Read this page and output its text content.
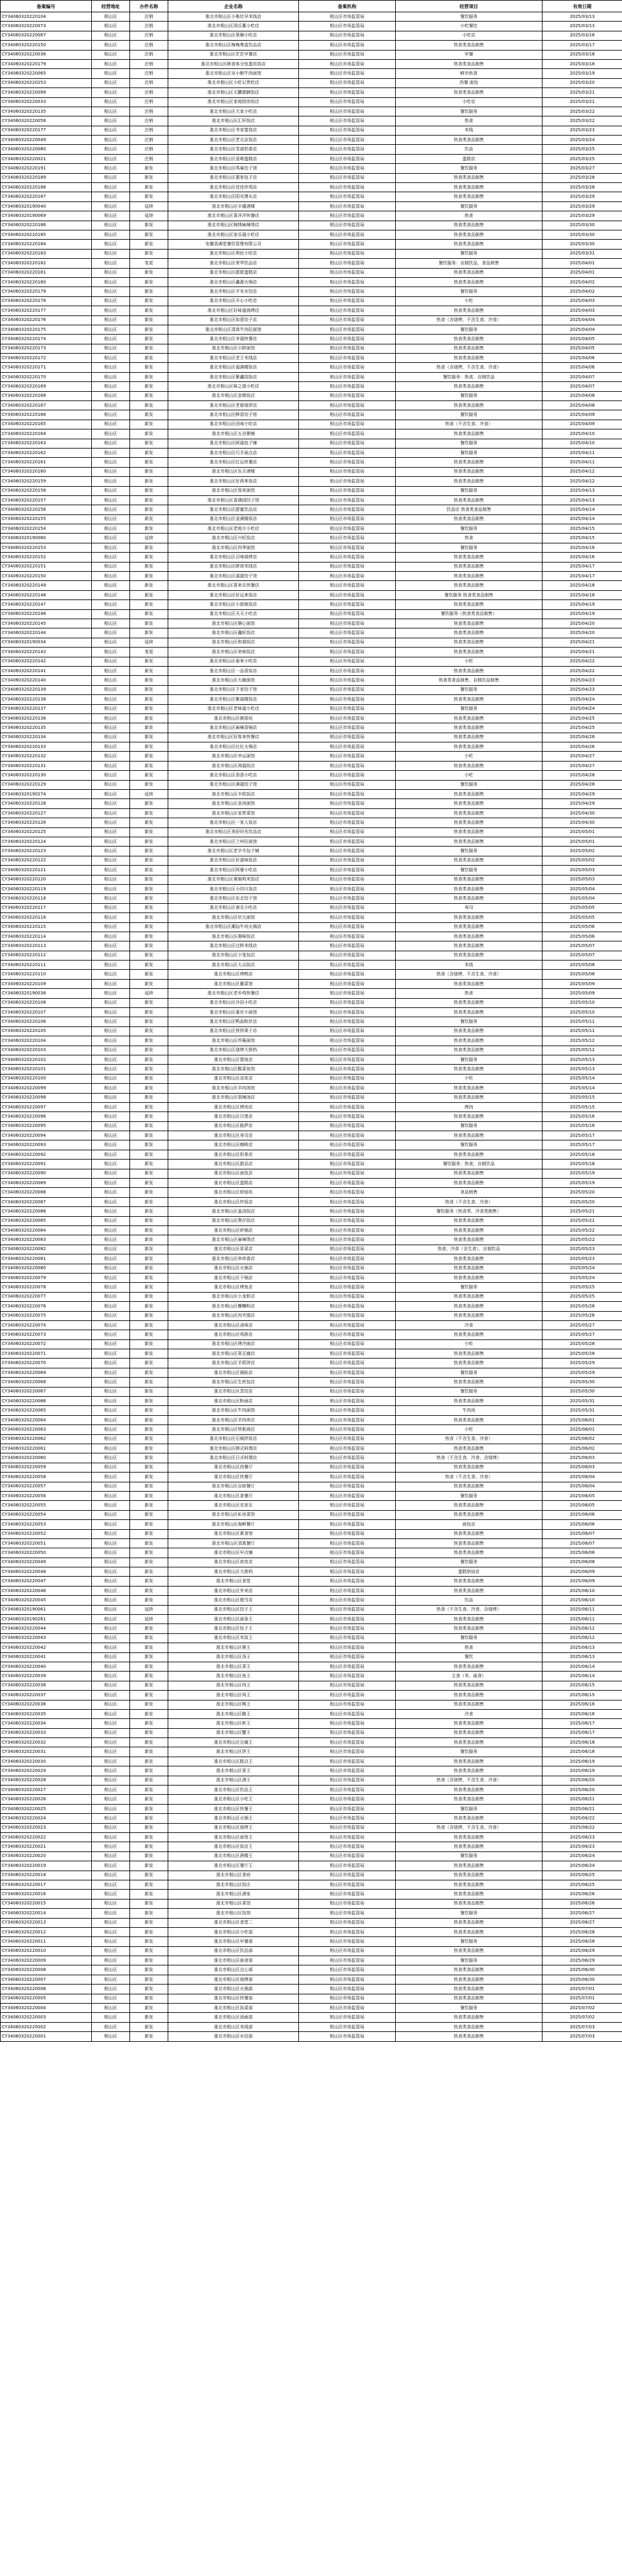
备案编号	经营地址	办件名称	企业名称	备案机构	经营项目	有效日期
CY34060320220104	相山区	注销	淮北市相山区小柴灶早米线店	相山区市场监管局	餐饮服务	2025/03/13
CY34060320220073	相山区	注销	淮北市相山区周氏薯小吃店	相山区市场监管局	小吃餐饮	2025/03/13
CY34060320220067	相山区	注销	淮北市相山区蔡舞小吃店	相山区市场监管局	小吃店	2025/03/16
CY34060320220150	相山区	注销	淮北市相山区梅梅粤盒饮品店	相山区市场监管局	热食类食品制售	2025/03/17
CY34060320220036	相山区	注销	淮北市相山区茫茫早餐店	相山区市场监管局	早餐	2025/03/18
CY34060320220179	相山区	注销	淮北市相山区韩食客分包蛋坊饭店	相山区市场监管局	热食类食品制售	2025/03/18
CY34060320220065	相山区	注销	淮北市相山区吴小顺牛肉面馆	相山区市场监管局	鲜市供食	2025/03/19
CY34060320220253	相山区	注销	淮北市相山区小吃记贵吃店	相山区市场监管局	西餐 面包	2025/03/20
CY34060320220099	相山区	注销	淮北市相山区天鹏猪蹄饭店	相山区市场监管局	热食类食品制售	2025/03/21
CY34060320220033	相山区	注销	淮北市相山区家庭厨房饭店	相山区市场监管局	小吃店	2025/03/21
CY34060320220135	相山区	注销	淮北市相山区大家小吃店	相山区市场监管局	餐饮服务	2025/03/22
CY34060320220058	相山区	注销	淮北市相山区汇轩饭店	相山区市场监管局	热食	2025/03/22
CY34060320220177	相山区	注销	淮北市相山区韦家馄饨店	相山区市场监管局	米线	2025/03/23
CY34060320220049	相山区	注销	淮北市相山区老北京饭店	相山区市场监管局	热食类食品制售	2025/03/24
CY34060320220080	相山区	注销	淮北市相山区雪诺奶茶店	相山区市场监管局	饮品	2025/03/25
CY34060320220021	相山区	注销	淮北市相山区爱萌蛋糕店	相山区市场监管局	蛋糕店	2025/03/25
CY34060320220191	相山区	新发	淮北市相山区鸣巢饺子馆	相山区市场监管局	餐饮服务	2025/03/27
CY34060320220189	相山区	新发	淮北市相山区惠客包子店	相山区市场监管局	热食类食品制售	2025/03/28
CY34060320220188	相山区	新发	淮北市相山区佳佳炸鸡店	相山区市场监管局	热食类食品制售	2025/03/28
CY34060320220187	相山区	新发	淮北市相山区阳光馒头店	相山区市场监管局	热食类食品制售	2025/03/29
CY34060320190040	相山区	延续	淮北市相山区丰盛酒楼	相山区市场监管局	餐饮服务	2025/03/29
CY34060320190069	相山区	延续	淮北市相山区喜洋洋快餐店	相山区市场监管局	热食	2025/03/29
CY34060320220186	相山区	新发	淮北市相山区锦绣麻辣烫店	相山区市场监管局	热食类食品制售	2025/03/30
CY34060320220185	相山区	新发	淮北市相山区家乐福小吃店	相山区市场监管局	热食类食品制售	2025/03/30
CY34060320220184	相山区	新发	安徽香满堂餐饮管理有限公司	相山区市场监管局	热食类食品制售	2025/03/30
CY34060320220183	相山区	新发	淮北市相山区利民小吃店	相山区市场监管局	餐饮服务	2025/03/31
CY34060320220182	相山区	变更	淮北市相山区荣华饮品店	相山区市场监管局	餐饮服务：自制饮品，食品销售	2025/04/01
CY34060320220181	相山区	新发	淮北市相山区甜甜蛋糕店	相山区市场监管局	热食类食品制售	2025/04/01
CY34060320220180	相山区	新发	淮北市相山区鑫源火锅店	相山区市场监管局	热食类食品制售	2025/04/02
CY34060320220179	相山区	新发	淮北市相山区平安水饺店	相山区市场监管局	餐饮服务	2025/04/02
CY34060320220178	相山区	新发	淮北市相山区开心小吃店	相山区市场监管局	小吃	2025/04/03
CY34060320220177	相山区	新发	淮北市相山区好味道烧烤店	相山区市场监管局	热食类食品制售	2025/04/03
CY34060320220176	相山区	新发	淮北市相山区如意饺子店	相山区市场监管局	热食（含烧烤，不含生食、冷食）	2025/04/04
CY34060320220175	相山区	新发	淮北市相山区清真牛肉拉面馆	相山区市场监管局	餐饮服务	2025/04/04
CY34060320220174	相山区	新发	淮北市相山区幸福快餐店	相山区市场监管局	热食类食品制售	2025/04/05
CY34060320220173	相山区	新发	淮北市相山区小胖面馆	相山区市场监管局	热食类食品制售	2025/04/05
CY34060320220172	相山区	新发	淮北市相山区老王米线店	相山区市场监管局	热食类食品制售	2025/04/06
CY34060320220171	相山区	新发	淮北市相山区福满楼饭店	相山区市场监管局	热食（含烧烤，不含生食、冷食）	2025/04/06
CY34060320220170	相山区	新发	淮北市相山区聚鑫园饭店	相山区市场监管局	餐饮服务：热食，自制饮品	2025/04/07
CY34060320220169	相山区	新发	淮北市相山区味之源小吃店	相山区市场监管局	热食类食品制售	2025/04/07
CY34060320220168	相山区	新发	淮北市相山区金鼎饭店	相山区市场监管局	餐饮服务	2025/04/08
CY34060320220167	相山区	新发	淮北市相山区老街烧饼店	相山区市场监管局	热食类食品制售	2025/04/08
CY34060320220166	相山区	新发	淮北市相山区鲜香饺子馆	相山区市场监管局	餐饮服务	2025/04/09
CY34060320220165	相山区	新发	淮北市相山区回味小吃店	相山区市场监管局	热食（不含生食、冷食）	2025/04/09
CY34060320220164	相山区	新发	淮北市相山区五谷粥铺	相山区市场监管局	热食类食品制售	2025/04/10
CY34060320220163	相山区	新发	淮北市相山区阿福包子铺	相山区市场监管局	餐饮服务	2025/04/10
CY34060320220162	相山区	新发	淮北市相山区巧手面点店	相山区市场监管局	餐饮服务	2025/04/11
CY34060320220161	相山区	新发	淮北市相山区红运快餐店	相山区市场监管局	热食类食品制售	2025/04/11
CY34060320220160	相山区	新发	淮北市相山区东方酒楼	相山区市场监管局	热食类食品制售	2025/04/12
CY34060320220159	相山区	新发	淮北市相山区好再来饭店	相山区市场监管局	热食类食品制售	2025/04/12
CY34060320220158	相山区	新发	淮北市相山区悦来面馆	相山区市场监管局	餐饮服务	2025/04/13
CY34060320220157	相山区	新发	淮北市相山区香满园饺子馆	相山区市场监管局	热食类食品制售	2025/04/13
CY34060320220156	相山区	新发	淮北市相山区甜蜜饮品店	相山区市场监管局	饮品店 热食类食品制售	2025/04/14
CY34060320220155	相山区	新发	淮北市相山区金满楼饭店	相山区市场监管局	热食类食品制售	2025/04/14
CY34060320220154	相山区	新发	淮北市相山区老地方小吃店	相山区市场监管局	餐饮服务	2025/04/15
CY34060320190080	相山区	延续	淮北市相山区兴旺饭店	相山区市场监管局	热食	2025/04/15
CY34060320220153	相山区	新发	淮北市相山区四季面馆	相山区市场监管局	餐饮服务	2025/04/16
CY34060320220152	相山区	新发	淮北市相山区百味烧烤店	相山区市场监管局	热食类食品制售	2025/04/16
CY34060320220151	相山区	新发	淮北市相山区胖哥米线店	相山区市场监管局	热食类食品制售	2025/04/17
CY34060320220150	相山区	新发	淮北市相山区福源饺子馆	相山区市场监管局	热食类食品制售	2025/04/17
CY34060320220149	相山区	新发	淮北市相山区喜来乐快餐店	相山区市场监管局	热食类食品制售	2025/04/18
CY34060320220148	相山区	新发	淮北市相山区好运来饭店	相山区市场监管局	餐饮服务 热食类食品制售	2025/04/18
CY34060320220147	相山区	新发	淮北市相山区小厨娘饭店	相山区市场监管局	热食类食品制售	2025/04/19
CY34060320220146	相山区	新发	淮北市相山区天天小吃店	相山区市场监管局	餐饮服务（热食类食品制售）	2025/04/19
CY34060320220145	相山区	新发	淮北市相山区顺心面馆	相山区市场监管局	热食类食品制售	2025/04/20
CY34060320220144	相山区	新发	淮北市相山区鑫旺饭店	相山区市场监管局	热食类食品制售	2025/04/20
CY34060320190034	相山区	延续	淮北市相山区和谐饭店	相山区市场监管局	热食类食品制售	2025/04/21
CY34060320220143	相山区	变更	淮北市相山区美味饭店	相山区市场监管局	热食类食品制售	2025/04/21
CY34060320220142	相山区	新发	淮北市相山区春来小吃店	相山区市场监管局	小吃	2025/04/22
CY34060320220141	相山区	新发	淮北市相山区一品香饭店	相山区市场监管局	热食类食品制售	2025/04/22
CY34060320220140	相山区	新发	淮北市相山区大碗面馆	相山区市场监管局	热食类食品制售，自制饮品制售	2025/04/23
CY34060320220139	相山区	新发	淮北市相山区千家饺子馆	相山区市场监管局	餐饮服务	2025/04/23
CY34060320220138	相山区	新发	淮北市相山区聚福楼饭店	相山区市场监管局	热食类食品制售	2025/04/24
CY34060320220137	相山区	新发	淮北市相山区老味道小吃店	相山区市场监管局	餐饮服务	2025/04/24
CY34060320220136	相山区	新发	淮北市相山区粥香坊	相山区市场监管局	热食类食品制售	2025/04/25
CY34060320220135	相山区	新发	淮北市相山区麻辣香锅店	相山区市场监管局	热食类食品制售	2025/04/25
CY34060320220134	相山区	新发	淮北市相山区好客来快餐店	相山区市场监管局	热食类食品制售	2025/04/26
CY34060320220133	相山区	新发	淮北市相山区红红火锅店	相山区市场监管局	热食类食品制售	2025/04/26
CY34060320220132	相山区	新发	淮北市相山区幸运面馆	相山区市场监管局	小吃	2025/04/27
CY34060320220131	相山区	新发	淮北市相山区鸿福饭店	相山区市场监管局	热食类食品制售	2025/04/27
CY34060320220130	相山区	新发	淮北市相山区香香小吃店	相山区市场监管局	小吃	2025/04/28
CY34060320220129	相山区	新发	淮北市相山区满福饺子馆	相山区市场监管局	餐饮服务	2025/04/28
CY34060320190274	相山区	延续	淮北市相山区丰收饭店	相山区市场监管局	热食类食品制售	2025/04/29
CY34060320220128	相山区	新发	淮北市相山区金汤面馆	相山区市场监管局	热食类食品制售	2025/04/29
CY34060320220127	相山区	新发	淮北市相山区家常菜馆	相山区市场监管局	热食类食品制售	2025/04/30
CY34060320220126	相山区	新发	淮北市相山区一家人饭店	相山区市场监管局	热食类食品制售	2025/04/30
CY34060320220125	相山区	新发	淮北市相山区美好时光饮品店	相山区市场监管局	热食类食品制售	2025/05/01
CY34060320220124	相山区	新发	淮北市相山区兰州拉面馆	相山区市场监管局	热食类食品制售	2025/05/01
CY34060320220123	相山区	新发	淮北市相山区老字号包子铺	相山区市场监管局	餐饮服务	2025/05/02
CY34060320220122	相山区	新发	淮北市相山区好滋味饭店	相山区市场监管局	热食类食品制售	2025/05/02
CY34060320220121	相山区	新发	淮北市相山区阿婆小吃店	相山区市场监管局	餐饮服务	2025/05/03
CY34060320220120	相山区	新发	淮北市相山区黄焖鸡米饭店	相山区市场监管局	热食类食品制售	2025/05/03
CY34060320220119	相山区	新发	淮北市相山区小四川饭店	相山区市场监管局	热食类食品制售	2025/05/04
CY34060320220118	相山区	新发	淮北市相山区东北饺子馆	相山区市场监管局	热食类食品制售	2025/05/04
CY34060320220117	相山区	新发	淮北市相山区南北小吃店	相山区市场监管局	寿司	2025/05/05
CY34060320220116	相山区	新发	淮北市相山区状元面馆	相山区市场监管局	热食类食品制售	2025/05/05
CY34060320220115	相山区	新发	淮北市相山区潮汕牛肉火锅店	相山区市场监管局	热食类食品制售	2025/05/06
CY34060320220114	相山区	新发	淮北市相山区湘味饭店	相山区市场监管局	热食类食品制售	2025/05/06
CY34060320220113	相山区	新发	淮北市相山区过桥米线店	相山区市场监管局	热食类食品制售	2025/05/07
CY34060320220112	相山区	新发	淮北市相山区小笼包店	相山区市场监管局	热食类食品制售	2025/05/07
CY34060320220111	相山区	新发	淮北市相山区大众饭店	相山区市场监管局	米线	2025/05/08
CY34060320220110	相山区	新发	淮北市相山区烤鸭店	相山区市场监管局	热食（含烧烤，不含生食、冷食）	2025/05/08
CY34060320220109	相山区	新发	淮北市相山区徽菜馆	相山区市场监管局	热食类食品制售	2025/05/09
CY34060320190038	相山区	延续	淮北市相山区老乡鸡快餐店	相山区市场监管局	热食	2025/05/09
CY34060320220108	相山区	新发	淮北市相山区沙县小吃店	相山区市场监管局	热食类食品制售	2025/05/10
CY34060320220107	相山区	新发	淮北市相山区重庆小面馆	相山区市场监管局	热食类食品制售	2025/05/10
CY34060320220106	相山区	新发	淮北市相山区鸭血粉丝店	相山区市场监管局	餐饮服务	2025/05/11
CY34060320220105	相山区	新发	淮北市相山区煎饼果子店	相山区市场监管局	热食类食品制售	2025/05/11
CY34060320220104	相山区	新发	淮北市相山区炸酱面馆	相山区市场监管局	热食类食品制售	2025/05/12
CY34060320220103	相山区	新发	淮北市相山区烧烤大排档	相山区市场监管局	热食类食品制售	2025/05/12
CY34060320220102	相山区	新发	淮北市相山区馄饨店	相山区市场监管局	餐饮服务	2025/05/13
CY34060320220101	相山区	新发	淮北市相山区酸菜鱼馆	相山区市场监管局	热食类食品制售	2025/05/13
CY34060320220100	相山区	新发	淮北市相山区凉皮店	相山区市场监管局	小吃	2025/05/14
CY34060320220099	相山区	新发	淮北市相山区羊肉汤馆	相山区市场监管局	热食类食品制售	2025/05/14
CY34060320220098	相山区	新发	淮北市相山区胡辣汤店	相山区市场监管局	热食类食品制售	2025/05/15
CY34060320220097	相山区	新发	淮北市相山区烤肉店	相山区市场监管局	烤肉	2025/05/15
CY34060320220096	相山区	新发	淮北市相山区汉堡店	相山区市场监管局	热食类食品制售	2025/05/16
CY34060320220095	相山区	新发	淮北市相山区披萨店	相山区市场监管局	餐饮服务	2025/05/16
CY34060320220094	相山区	新发	淮北市相山区寿司店	相山区市场监管局	热食类食品制售	2025/05/17
CY34060320220093	相山区	新发	淮北市相山区咖啡店	相山区市场监管局	餐饮服务	2025/05/17
CY34060320220092	相山区	新发	淮北市相山区奶茶店	相山区市场监管局	热食类食品制售	2025/05/18
CY34060320220091	相山区	新发	淮北市相山区甜品店	相山区市场监管局	餐饮服务：热食，自制饮品	2025/05/18
CY34060320220090	相山区	新发	淮北市相山区面包店	相山区市场监管局	热食类食品制售	2025/05/19
CY34060320220089	相山区	新发	淮北市相山区蛋糕店	相山区市场监管局	热食类食品制售	2025/05/19
CY34060320220088	相山区	新发	淮北市相山区烘焙坊	相山区市场监管局	食品销售	2025/05/20
CY34060320220087	相山区	新发	淮北市相山区炒饭店	相山区市场监管局	热食（不含生食、冷食）	2025/05/20
CY34060320220086	相山区	新发	淮北市相山区盖浇饭店	相山区市场监管局	餐饮服务（热食类、冷食类制售）	2025/05/21
CY34060320220085	相山区	新发	淮北市相山区煲仔饭店	相山区市场监管局	热食类食品制售	2025/05/21
CY34060320220084	相山区	新发	淮北市相山区砂锅店	相山区市场监管局	热食类食品制售	2025/05/22
CY34060320220083	相山区	新发	淮北市相山区麻辣烫店	相山区市场监管局	热食类食品制售	2025/05/22
CY34060320220082	相山区	新发	淮北市相山区冒菜店	相山区市场监管局	热食、冷食（含生食）、自制饮品	2025/05/23
CY34060320220081	相山区	新发	淮北市相山区串串香店	相山区市场监管局	热食类食品制售	2025/05/23
CY34060320220080	相山区	新发	淮北市相山区火锅店	相山区市场监管局	热食类食品制售	2025/05/24
CY34060320220079	相山区	新发	淮北市相山区干锅店	相山区市场监管局	热食类食品制售	2025/05/24
CY34060320220078	相山区	新发	淮北市相山区烤鱼店	相山区市场监管局	餐饮服务	2025/05/25
CY34060320220077	相山区	新发	淮北市相山区小龙虾店	相山区市场监管局	热食类食品制售	2025/05/25
CY34060320220076	相山区	新发	淮北市相山区螺蛳粉店	相山区市场监管局	热食类食品制售	2025/05/26
CY34060320220075	相山区	新发	淮北市相山区肉夹馍店	相山区市场监管局	热食类食品制售	2025/05/26
CY34060320220074	相山区	新发	淮北市相山区卤味店	相山区市场监管局	冷食	2025/05/27
CY34060320220073	相山区	新发	淮北市相山区鸡排店	相山区市场监管局	热食类食品制售	2025/05/27
CY34060320220072	相山区	新发	淮北市相山区烤冷面店	相山区市场监管局	小吃	2025/05/28
CY34060320220071	相山区	新发	淮北市相山区臭豆腐店	相山区市场监管局	热食类食品制售	2025/05/28
CY34060320220070	相山区	新发	淮北市相山区手抓饼店	相山区市场监管局	热食类食品制售	2025/05/29
CY34060320220069	相山区	新发	淮北市相山区锅贴店	相山区市场监管局	餐饮服务	2025/05/29
CY34060320220068	相山区	新发	淮北市相山区生煎包店	相山区市场监管局	热食类食品制售	2025/05/30
CY34060320220067	相山区	新发	淮北市相山区蒸饺店	相山区市场监管局	餐饮服务	2025/05/30
CY34060320220066	相山区	新发	淮北市相山区粉面店	相山区市场监管局	热食类食品制售	2025/05/31
CY34060320220065	相山区	新发	淮北市相山区牛肉面馆	相山区市场监管局	牛肉汤	2025/05/31
CY34060320220064	相山区	新发	淮北市相山区羊肉串店	相山区市场监管局	热食类食品制售	2025/06/01
CY34060320220063	相山区	新发	淮北市相山区铁板烧店	相山区市场监管局	小吃	2025/06/01
CY34060320220062	相山区	新发	淮北市相山区石锅拌饭店	相山区市场监管局	热食（不含生食、冷食）	2025/06/02
CY34060320220061	相山区	新发	淮北市相山区韩式料理店	相山区市场监管局	热食类食品制售	2025/06/02
CY34060320220060	相山区	新发	淮北市相山区日式料理店	相山区市场监管局	热食（不含生食、冷食，含烧烤）	2025/06/03
CY34060320220059	相山区	新发	淮北市相山区西餐厅	相山区市场监管局	热食类食品制售	2025/06/03
CY34060320220058	相山区	新发	淮北市相山区快餐厅	相山区市场监管局	热食（不含生食、冷食）	2025/06/04
CY34060320220057	相山区	新发	淮北市相山区自助餐厅	相山区市场监管局	热食类食品制售	2025/06/04
CY34060320220056	相山区	新发	淮北市相山区茶餐厅	相山区市场监管局	餐饮服务	2025/06/05
CY34060320220055	相山区	新发	淮北市相山区农家乐	相山区市场监管局	热食类食品制售	2025/06/05
CY34060320220054	相山区	新发	淮北市相山区私房菜馆	相山区市场监管局	热食类食品制售	2025/06/06
CY34060320220053	相山区	新发	淮北市相山区海鲜餐厅	相山区市场监管局	面包店	2025/06/06
CY34060320220052	相山区	新发	淮北市相山区素食馆	相山区市场监管局	热食类食品制售	2025/06/07
CY34060320220051	相山区	新发	淮北市相山区清真餐厅	相山区市场监管局	热食类食品制售	2025/06/07
CY34060320220050	相山区	新发	淮北市相山区早点铺	相山区市场监管局	热食类食品制售	2025/06/08
CY34060320220049	相山区	新发	淮北市相山区夜宵店	相山区市场监管局	餐饮服务	2025/06/08
CY34060320220048	相山区	新发	淮北市相山区大排档	相山区市场监管局	蛋糕烘焙店	2025/06/09
CY34060320220047	相山区	新发	淮北市相山区食堂	相山区市场监管局	热食类食品制售	2025/06/09
CY34060320220046	相山区	新发	淮北市相山区外卖店	相山区市场监管局	热食类食品制售	2025/06/10
CY34060320220045	相山区	新发	淮北市相山区便当店	相山区市场监管局	饮品	2025/06/10
CY34060320190061	相山区	延续	淮北市相山区饺子王	相山区市场监管局	热食（不含生食、冷食，含烧烤）	2025/06/11
CY34060320190261	相山区	延续	淮北市相山区面条王	相山区市场监管局	热食类食品制售	2025/06/11
CY34060320220044	相山区	新发	淮北市相山区包子王	相山区市场监管局	热食类食品制售	2025/06/12
CY34060320220043	相山区	新发	淮北市相山区米饭王	相山区市场监管局	餐饮服务	2025/06/12
CY34060320220042	相山区	新发	淮北市相山区粥王	相山区市场监管局	热食	2025/06/13
CY34060320220041	相山区	新发	淮北市相山区汤王	相山区市场监管局	餐饮	2025/06/13
CY34060320220040	相山区	新发	淮北市相山区菜王	相山区市场监管局	热食类食品制售	2025/06/14
CY34060320220039	相山区	新发	淮北市相山区鱼王	相山区市场监管局	主食（米、面食）	2025/06/14
CY34060320220038	相山区	新发	淮北市相山区肉王	相山区市场监管局	热食类食品制售	2025/06/15
CY34060320220037	相山区	新发	淮北市相山区鸡王	相山区市场监管局	热食类食品制售	2025/06/15
CY34060320220036	相山区	新发	淮北市相山区鸭王	相山区市场监管局	热食类食品制售	2025/06/16
CY34060320220035	相山区	新发	淮北市相山区鹅王	相山区市场监管局	冷食	2025/06/16
CY34060320220034	相山区	新发	淮北市相山区虾王	相山区市场监管局	热食类食品制售	2025/06/17
CY34060320220033	相山区	新发	淮北市相山区蟹王	相山区市场监管局	热食类食品制售	2025/06/17
CY34060320220032	相山区	新发	淮北市相山区豆腐王	相山区市场监管局	热食类食品制售	2025/06/18
CY34060320220031	相山区	新发	淮北市相山区饼王	相山区市场监管局	餐饮服务	2025/06/18
CY34060320220030	相山区	新发	淮北市相山区糕点王	相山区市场监管局	热食类食品制售	2025/06/19
CY34060320220029	相山区	新发	淮北市相山区茶王	相山区市场监管局	热食类食品制售	2025/06/19
CY34060320220028	相山区	新发	淮北市相山区酒王	相山区市场监管局	热食（含烧烤，不含生食、冷食）	2025/06/20
CY34060320220027	相山区	新发	淮北市相山区饮品王	相山区市场监管局	热食类食品制售	2025/06/20
CY34060320220026	相山区	新发	淮北市相山区小吃王	相山区市场监管局	热食类食品制售	2025/06/21
CY34060320220025	相山区	新发	淮北市相山区快餐王	相山区市场监管局	餐饮服务	2025/06/21
CY34060320220024	相山区	新发	淮北市相山区火锅王	相山区市场监管局	热食类食品制售	2025/06/22
CY34060320220023	相山区	新发	淮北市相山区烧烤王	相山区市场监管局	热食（含烧烤，不含生食、冷食）	2025/06/22
CY34060320220022	相山区	新发	淮北市相山区面馆王	相山区市场监管局	热食类食品制售	2025/06/23
CY34060320220021	相山区	新发	淮北市相山区饭店王	相山区市场监管局	热食类食品制售	2025/06/23
CY34060320220020	相山区	新发	淮北市相山区酒楼王	相山区市场监管局	餐饮服务	2025/06/24
CY34060320220019	相山区	新发	淮北市相山区餐厅王	相山区市场监管局	热食类食品制售	2025/06/24
CY34060320220018	相山区	新发	淮北市相山区食府	相山区市场监管局	热食类食品制售	2025/06/25
CY34060320220017	相山区	新发	淮北市相山区饭庄	相山区市场监管局	热食类食品制售	2025/06/25
CY34060320220016	相山区	新发	淮北市相山区酒家	相山区市场监管局	热食类食品制售	2025/06/26
CY34060320220015	相山区	新发	淮北市相山区菜馆	相山区市场监管局	热食类食品制售	2025/06/26
CY34060320220014	相山区	新发	淮北市相山区饭馆	相山区市场监管局	餐饮服务	2025/06/27
CY34060320220013	相山区	新发	淮北市相山区食堂二	相山区市场监管局	热食类食品制售	2025/06/27
CY34060320220012	相山区	新发	淮北市相山区小吃部	相山区市场监管局	热食类食品制售	2025/06/28
CY34060320220011	相山区	新发	淮北市相山区早餐部	相山区市场监管局	餐饮服务	2025/06/28
CY34060320220010	相山区	新发	淮北市相山区饮品部	相山区市场监管局	热食类食品制售	2025/06/29
CY34060320220009	相山区	新发	淮北市相山区面食部	相山区市场监管局	餐饮服务	2025/06/29
CY34060320220008	相山区	新发	淮北市相山区点心部	相山区市场监管局	热食类食品制售	2025/06/30
CY34060320220007	相山区	新发	淮北市相山区烧烤部	相山区市场监管局	热食类食品制售	2025/06/30
CY34060320220006	相山区	新发	淮北市相山区火锅部	相山区市场监管局	热食类食品制售	2025/07/01
CY34060320220005	相山区	新发	淮北市相山区快餐部	相山区市场监管局	热食类食品制售	2025/07/01
CY34060320220004	相山区	新发	淮北市相山区饭菜部	相山区市场监管局	餐饮服务	2025/07/02
CY34060320220003	相山区	新发	淮北市相山区汤面部	相山区市场监管局	热食类食品制售	2025/07/02
CY34060320220002	相山区	新发	淮北市相山区米线部	相山区市场监管局	热食类食品制售	2025/07/03
CY34060320220001	相山区	新发	淮北市相山区水饺部	相山区市场监管局	热食类食品制售	2025/07/03
